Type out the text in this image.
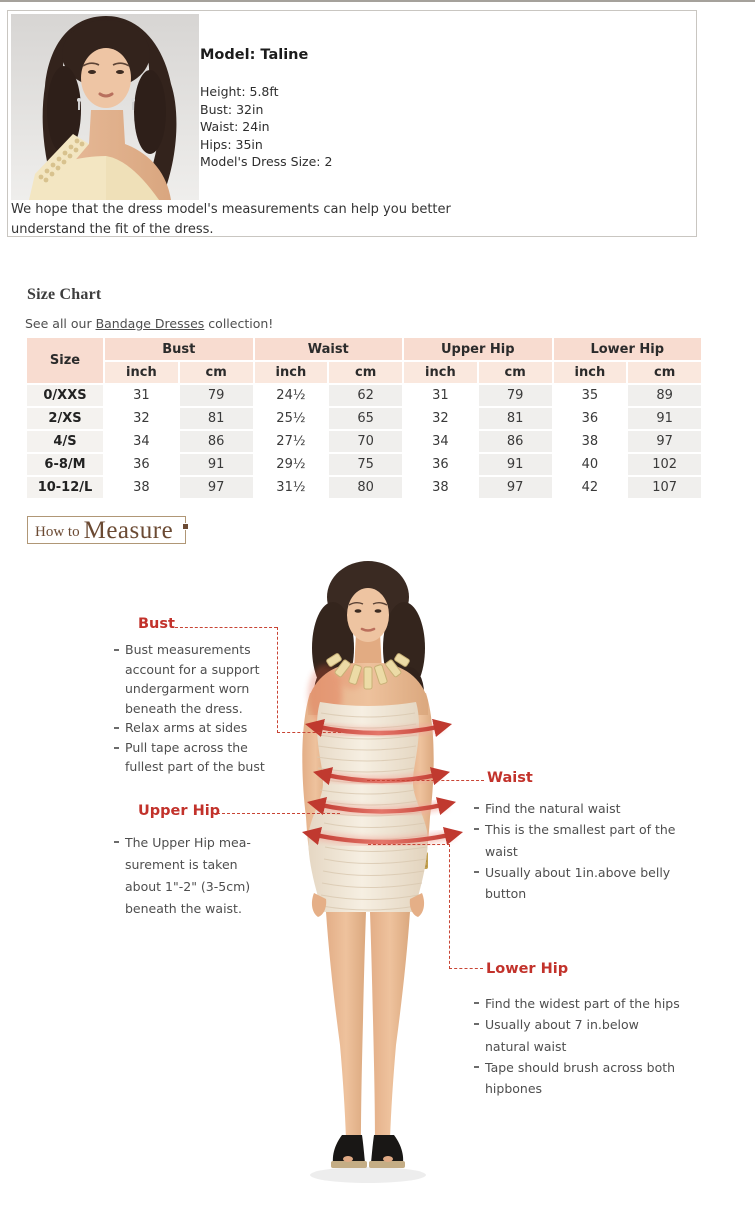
Model: Taline
Height: 5.8ft
Bust: 32in
Waist: 24in
Hips: 35in
Model's Dress Size: 2
We hope that the dress model's measurements can help you better understand the fit of the dress.
Size Chart

See all our Bandage Dresses collection!

Size	Bust		Waist		Upper Hip		Lower Hip	
	inch	cm	inch	cm	inch	cm	inch	cm
0/XXS	31	79	24½	62	31	79	35	89
2/XS	32	81	25½	65	32	81	36	91
4/S	34	86	27½	70	34	86	38	97
6-8/M	36	91	29½	75	36	91	40	102
10-12/L	38	97	31½	80	38	97	42	107
How to Measure
Bust
Bust measurements account for a support undergarment worn beneath the dress.
Relax arms at sides
Pull tape across the fullest part of the bust
Upper Hip
The Upper Hip mea-surement is taken about 1"-2" (3-5cm) beneath the waist.
Waist
Find the natural waist
This is the smallest part of the waist
Usually about 1in.above belly button
Lower Hip
Find the widest part of the hips
Usually about 7 in.below natural waist
Tape should brush across both hipbones
